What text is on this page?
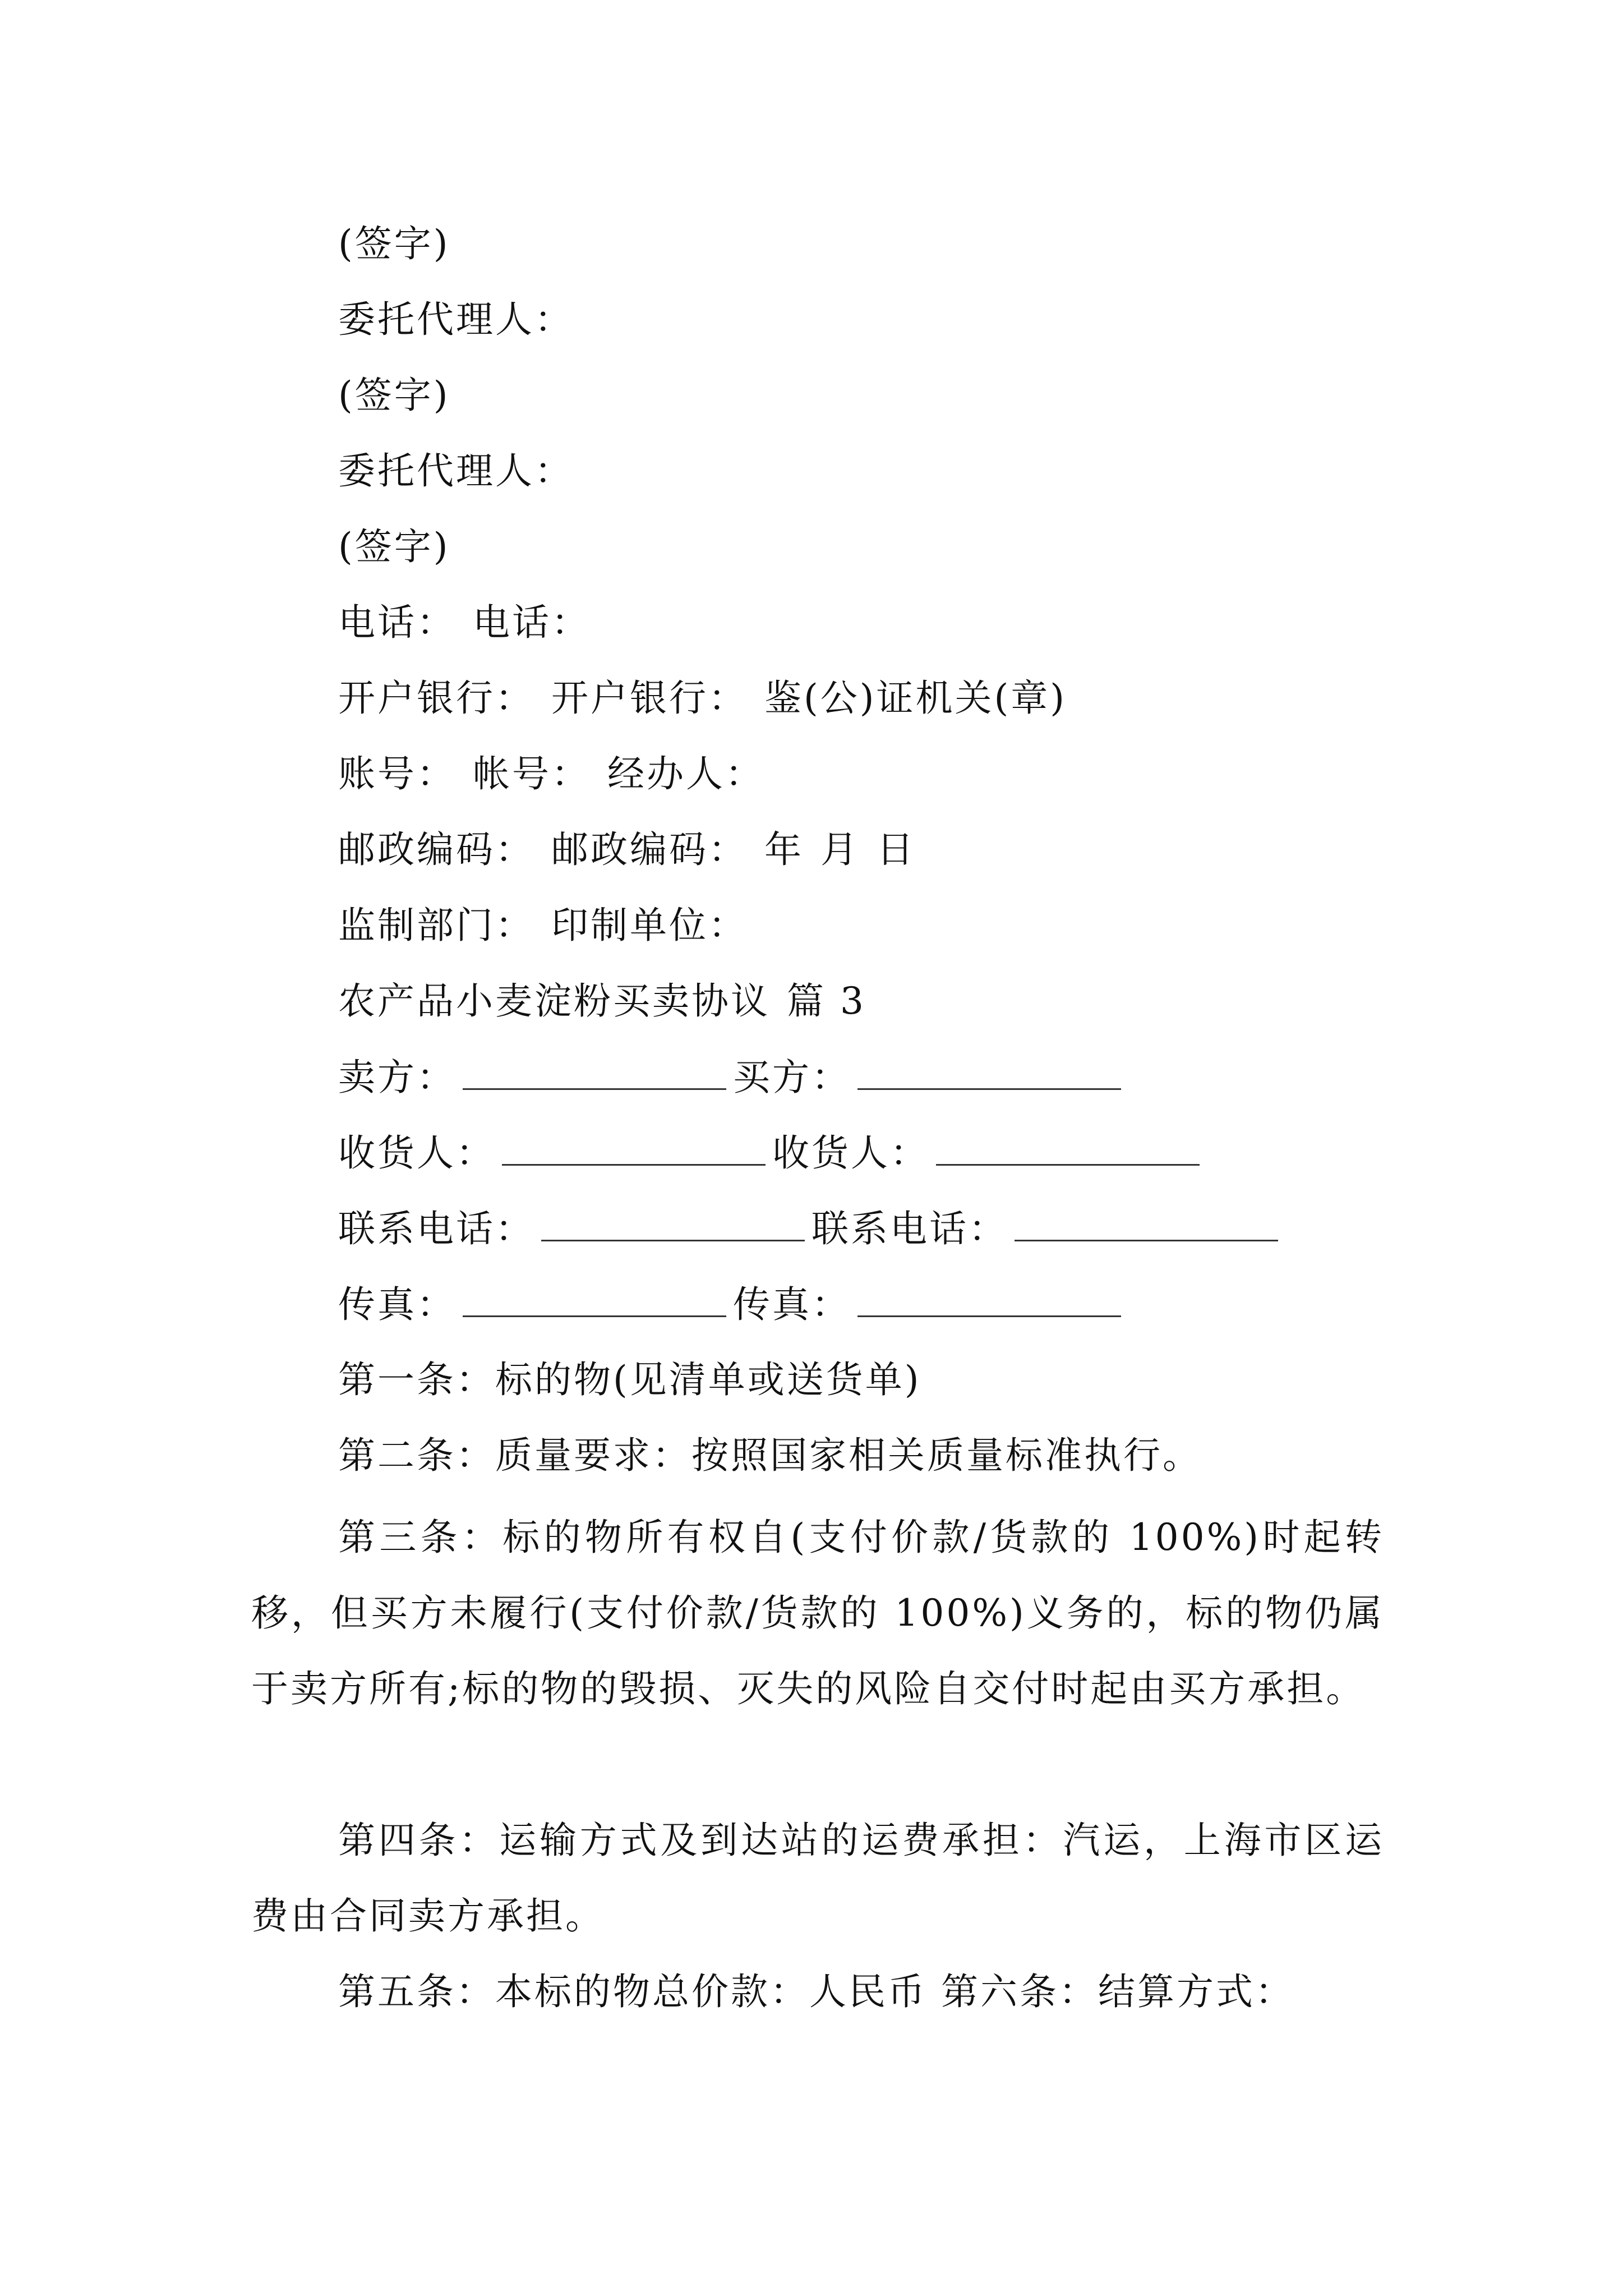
(签字)
委托代理人：
(签字)
委托代理人：
(签字)
电话： 电话：
开户银行： 开户银行： 鉴(公)证机关(章)
账号： 帐号： 经办人：
邮政编码： 邮政编码： 年 月 日
监制部门： 印制单位：
农产品小麦淀粉买卖协议 篇 3
卖方：	买方：
收货人：	收货人：
联系电话：	联系电话：
传真：	传真：
第一条：标的物(见清单或送货单)
第二条：质量要求：按照国家相关质量标准执行。
第三条：标的物所有权自(支付价款/货款的 100%)时起转移，但买方未履行(支付价款/货款的 100%)义务的，标的物仍属于卖方所有;标的物的毁损、灭失的风险自交付时起由买方承担。
第四条：运输方式及到达站的运费承担：汽运，上海市区运费由合同卖方承担。
第五条：本标的物总价款：人民币 第六条：结算方式：
